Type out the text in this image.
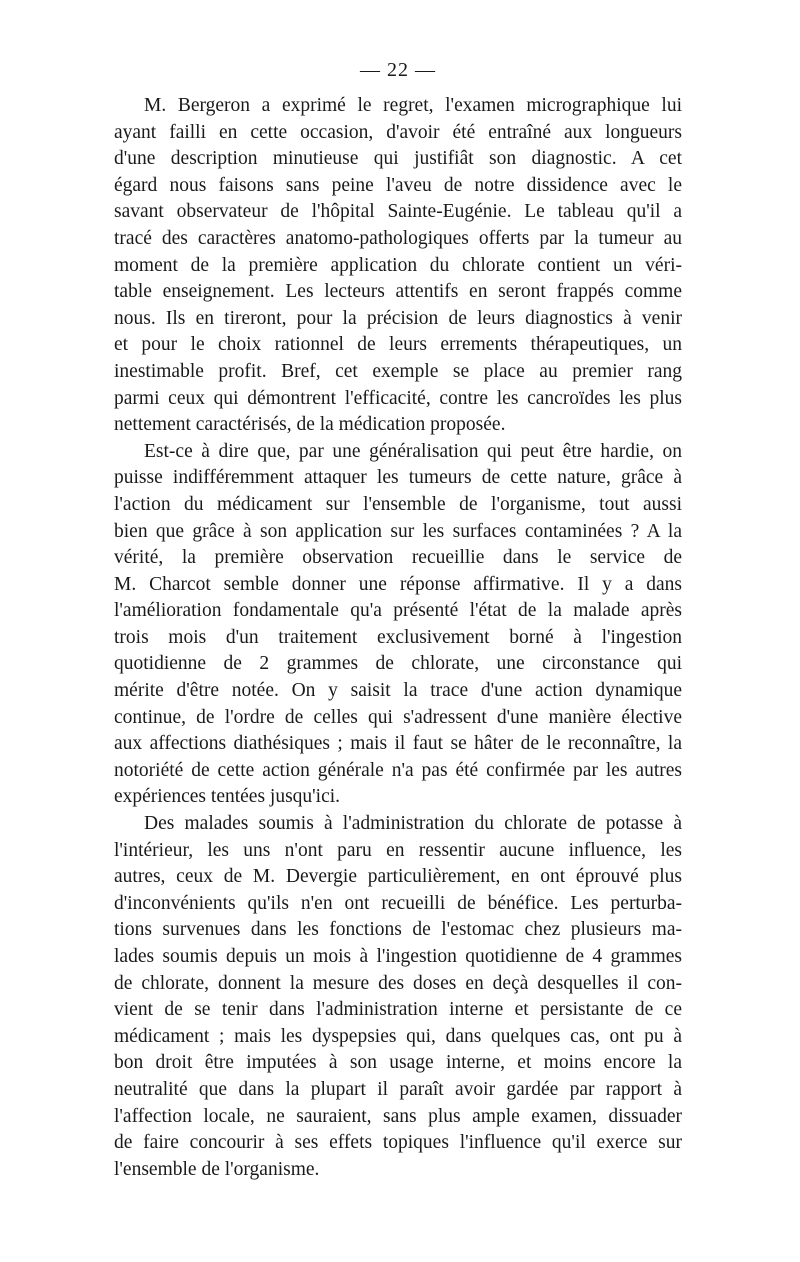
— 22 —
M. Bergeron a exprimé le regret, l'examen micrographique lui
ayant failli en cette occasion, d'avoir été entraîné aux longueurs
d'une description minutieuse qui justifiât son diagnostic. A cet
égard nous faisons sans peine l'aveu de notre dissidence avec le
savant observateur de l'hôpital Sainte-Eugénie. Le tableau qu'il a
tracé des caractères anatomo-pathologiques offerts par la tumeur au
moment de la première application du chlorate contient un véri-
table enseignement. Les lecteurs attentifs en seront frappés comme
nous. Ils en tireront, pour la précision de leurs diagnostics à venir
et pour le choix rationnel de leurs errements thérapeutiques, un
inestimable profit. Bref, cet exemple se place au premier rang
parmi ceux qui démontrent l'efficacité, contre les cancroïdes les plus
nettement caractérisés, de la médication proposée.
Est-ce à dire que, par une généralisation qui peut être hardie, on
puisse indifféremment attaquer les tumeurs de cette nature, grâce à
l'action du médicament sur l'ensemble de l'organisme, tout aussi
bien que grâce à son application sur les surfaces contaminées ? A la
vérité, la première observation recueillie dans le service de
M. Charcot semble donner une réponse affirmative. Il y a dans
l'amélioration fondamentale qu'a présenté l'état de la malade après
trois mois d'un traitement exclusivement borné à l'ingestion
quotidienne de 2 grammes de chlorate, une circonstance qui
mérite d'être notée. On y saisit la trace d'une action dynamique
continue, de l'ordre de celles qui s'adressent d'une manière élective
aux affections diathésiques ; mais il faut se hâter de le reconnaître, la
notoriété de cette action générale n'a pas été confirmée par les autres
expériences tentées jusqu'ici.
Des malades soumis à l'administration du chlorate de potasse à
l'intérieur, les uns n'ont paru en ressentir aucune influence, les
autres, ceux de M. Devergie particulièrement, en ont éprouvé plus
d'inconvénients qu'ils n'en ont recueilli de bénéfice. Les perturba-
tions survenues dans les fonctions de l'estomac chez plusieurs ma-
lades soumis depuis un mois à l'ingestion quotidienne de 4 grammes
de chlorate, donnent la mesure des doses en deçà desquelles il con-
vient de se tenir dans l'administration interne et persistante de ce
médicament ; mais les dyspepsies qui, dans quelques cas, ont pu à
bon droit être imputées à son usage interne, et moins encore la
neutralité que dans la plupart il paraît avoir gardée par rapport à
l'affection locale, ne sauraient, sans plus ample examen, dissuader
de faire concourir à ses effets topiques l'influence qu'il exerce sur
l'ensemble de l'organisme.
